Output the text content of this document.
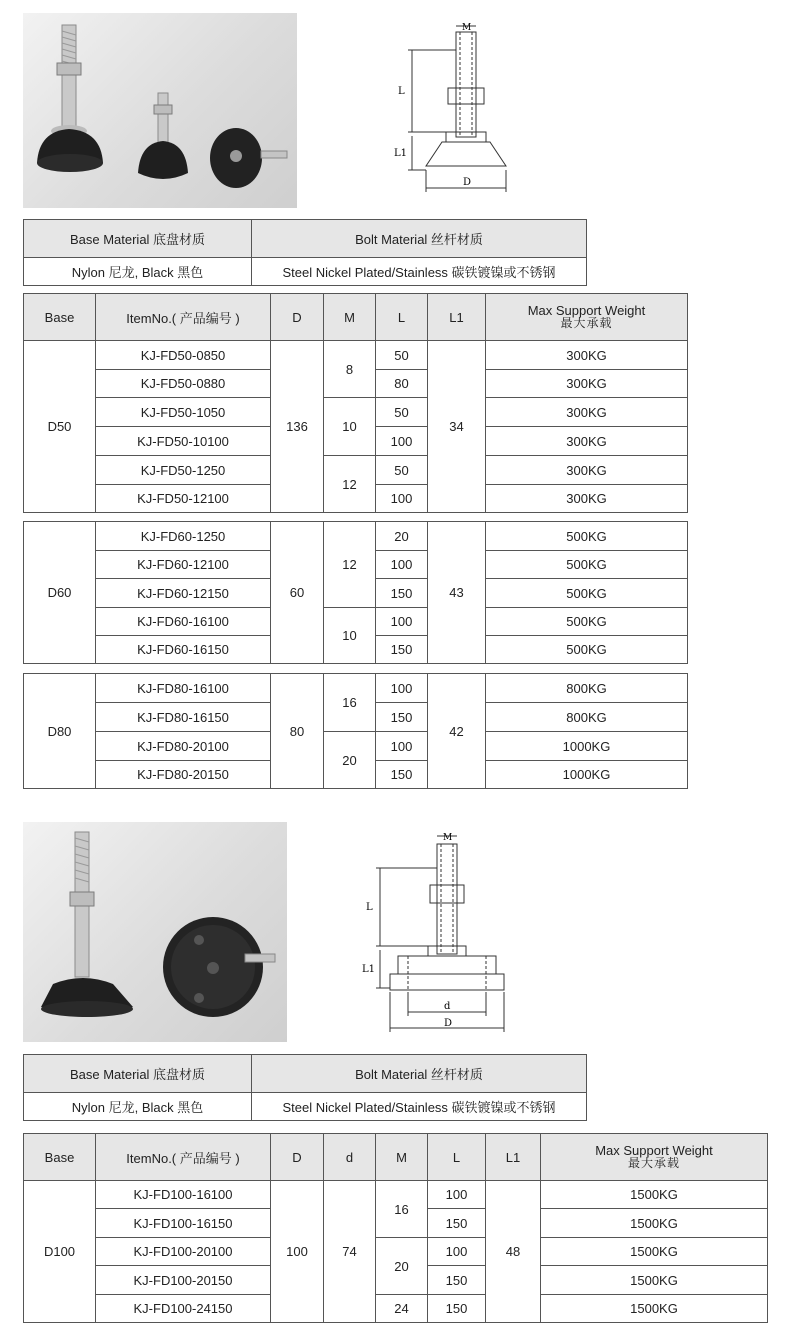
M
L
L1
D
Base Material 底盘材质	Bolt Material 丝杆材质
Nylon 尼龙, Black 黑色	Steel Nickel Plated/Stainless 碳铁镀镍或不锈钢
Base	ItemNo.( 产品编号 )	D	M	L	L1	Max Support Weight
最大承载
D50	KJ-FD50-0850	136	8	50	34	300KG
	KJ-FD50-0880			80		300KG
	KJ-FD50-1050		10	50		300KG
	KJ-FD50-10100			100		300KG
	KJ-FD50-1250		12	50		300KG
	KJ-FD50-12100			100		300KG
D60	KJ-FD60-1250	60	12	20	43	500KG
	KJ-FD60-12100			100		500KG
	KJ-FD60-12150			150		500KG
	KJ-FD60-16100		10	100		500KG
	KJ-FD60-16150			150		500KG
D80	KJ-FD80-16100	80	16	100	42	800KG
	KJ-FD80-16150			150		800KG
	KJ-FD80-20100		20	100		1000KG
	KJ-FD80-20150			150		1000KG
M
L
L1
d
D
Base Material 底盘材质	Bolt Material 丝杆材质
Nylon 尼龙, Black 黑色	Steel Nickel Plated/Stainless 碳铁镀镍或不锈钢
Base	ItemNo.( 产品编号 )	D	d	M	L	L1	Max Support Weight
最大承载

D100	KJ-FD100-16100	100	74	16	100	48	1500KG
	KJ-FD100-16150				150		1500KG
	KJ-FD100-20100			20	100		1500KG
	KJ-FD100-20150				150		1500KG
	KJ-FD100-24150			24	150		1500KG
